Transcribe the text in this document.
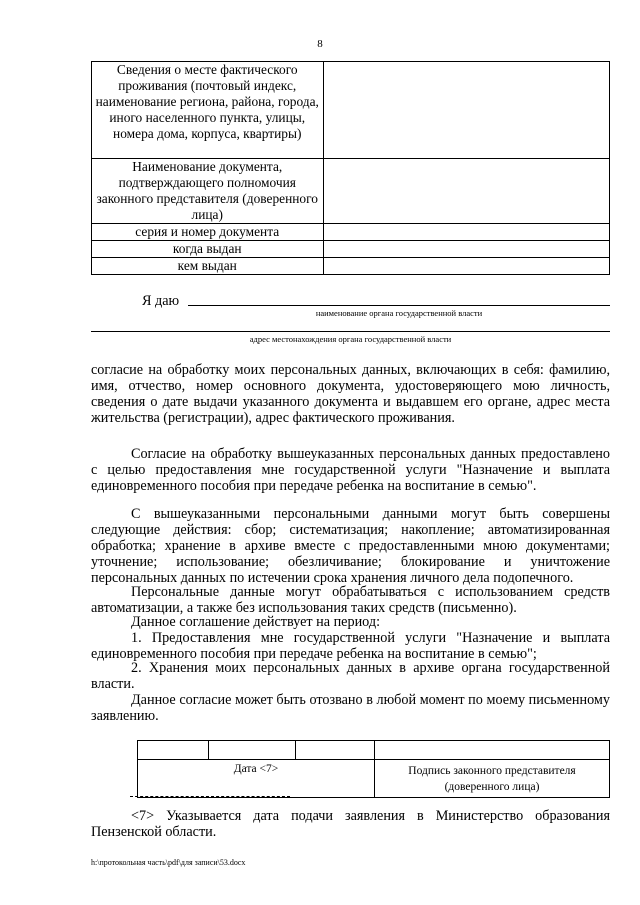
8
Сведения о месте фактического проживания (почтовый индекс, наименование региона, района, города, иного населенного пункта, улицы, номера дома, корпуса, квартиры)	
Наименование документа, подтверждающего полномочия законного представителя (доверенного лица)	
серия и номер документа	
когда выдан	
кем выдан	
Я даю
наименование органа государственной власти
адрес местонахождения органа государственной власти

согласие на обработку моих персональных данных, включающих в себя: фамилию, имя, отчество, номер основного документа, удостоверяющего мою личность, сведения о дате выдачи указанного документа и выдавшем его органе, адрес места жительства (регистрации), адрес фактического проживания.

Согласие на обработку вышеуказанных персональных данных предоставлено с целью предоставления мне государственной услуги "Назначение и выплата единовременного пособия при передаче ребенка на воспитание в семью".

С вышеуказанными персональными данными могут быть совершены следующие действия: сбор; систематизация; накопление; автоматизированная обработка; хранение в архиве вместе с предоставленными мною документами; уточнение; использование; обезличивание; блокирование и уничтожение персональных данных по истечении срока хранения личного дела подопечного.

Персональные данные могут обрабатываться с использованием средств автоматизации, а также без использования таких средств (письменно).

Данное соглашение действует на период:

1. Предоставления мне государственной услуги "Назначение и выплата единовременного пособия при передаче ребенка на воспитание в семью";

2. Хранения моих персональных данных в архиве органа государственной власти.

Данное согласие может быть отозвано в любой момент по моему письменному заявлению.

Дата <7>			Подпись законного представителя (доверенного лица)

<7> Указывается дата подачи заявления в Министерство образования Пензенской области.

h:\протокольная часть\pdf\для записи\53.docx
